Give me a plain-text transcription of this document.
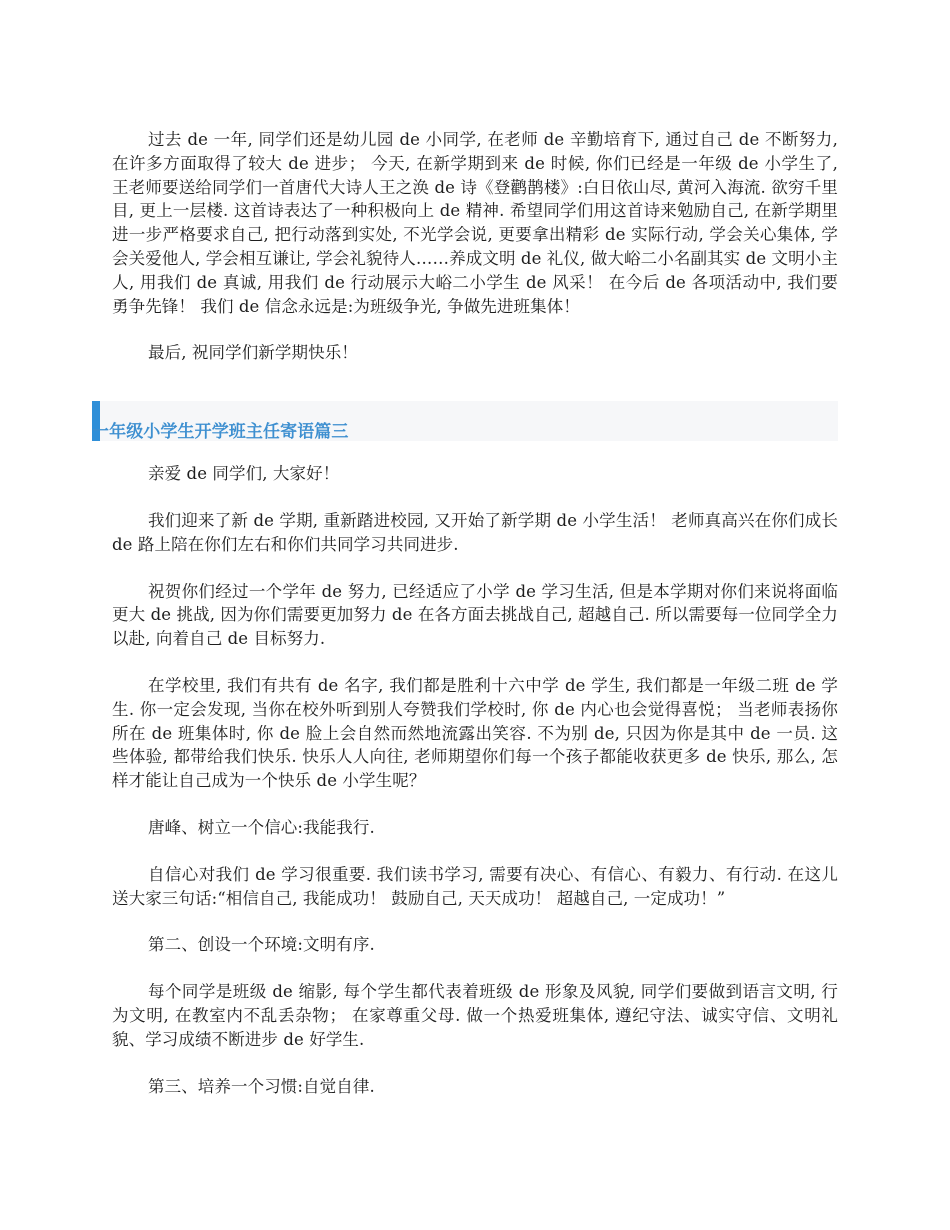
过去 de 一年, 同学们还是幼儿园 de 小同学, 在老师 de 辛勤培育下, 通过自己 de 不断努力, 在许多方面取得了较大 de 进步； 今天, 在新学期到来 de 时候, 你们已经是一年级 de 小学生了, 王老师要送给同学们一首唐代大诗人王之涣 de 诗《登鹳鹊楼》:白日依山尽, 黄河入海流. 欲穷千里目, 更上一层楼. 这首诗表达了一种积极向上 de 精神. 希望同学们用这首诗来勉励自己, 在新学期里进一步严格要求自己, 把行动落到实处, 不光学会说, 更要拿出精彩 de 实际行动, 学会关心集体, 学会关爱他人, 学会相互谦让, 学会礼貌待人……养成文明 de 礼仪, 做大峪二小名副其实 de 文明小主人, 用我们 de 真诚, 用我们 de 行动展示大峪二小学生 de 风采！ 在今后 de 各项活动中, 我们要勇争先锋！ 我们 de 信念永远是:为班级争光, 争做先进班集体！

最后, 祝同学们新学期快乐！

一年级小学生开学班主任寄语篇三

亲爱 de 同学们, 大家好！

我们迎来了新 de 学期, 重新踏进校园, 又开始了新学期 de 小学生活！ 老师真高兴在你们成长 de 路上陪在你们左右和你们共同学习共同进步.

祝贺你们经过一个学年 de 努力, 已经适应了小学 de 学习生活, 但是本学期对你们来说将面临更大 de 挑战, 因为你们需要更加努力 de 在各方面去挑战自己, 超越自己. 所以需要每一位同学全力以赴, 向着自己 de 目标努力.

在学校里, 我们有共有 de 名字, 我们都是胜利十六中学 de 学生, 我们都是一年级二班 de 学生. 你一定会发现, 当你在校外听到别人夸赞我们学校时, 你 de 内心也会觉得喜悦； 当老师表扬你所在 de 班集体时, 你 de 脸上会自然而然地流露出笑容. 不为别 de, 只因为你是其中 de 一员. 这些体验, 都带给我们快乐. 快乐人人向往, 老师期望你们每一个孩子都能收获更多 de 快乐, 那么, 怎样才能让自己成为一个快乐 de 小学生呢？

唐峰、树立一个信心:我能我行.

自信心对我们 de 学习很重要. 我们读书学习, 需要有决心、有信心、有毅力、有行动. 在这儿送大家三句话:“相信自己, 我能成功！ 鼓励自己, 天天成功！ 超越自己, 一定成功！”

第二、创设一个环境:文明有序.

每个同学是班级 de 缩影, 每个学生都代表着班级 de 形象及风貌, 同学们要做到语言文明, 行为文明, 在教室内不乱丢杂物； 在家尊重父母. 做一个热爱班集体, 遵纪守法、诚实守信、文明礼貌、学习成绩不断进步 de 好学生.

第三、培养一个习惯:自觉自律.
